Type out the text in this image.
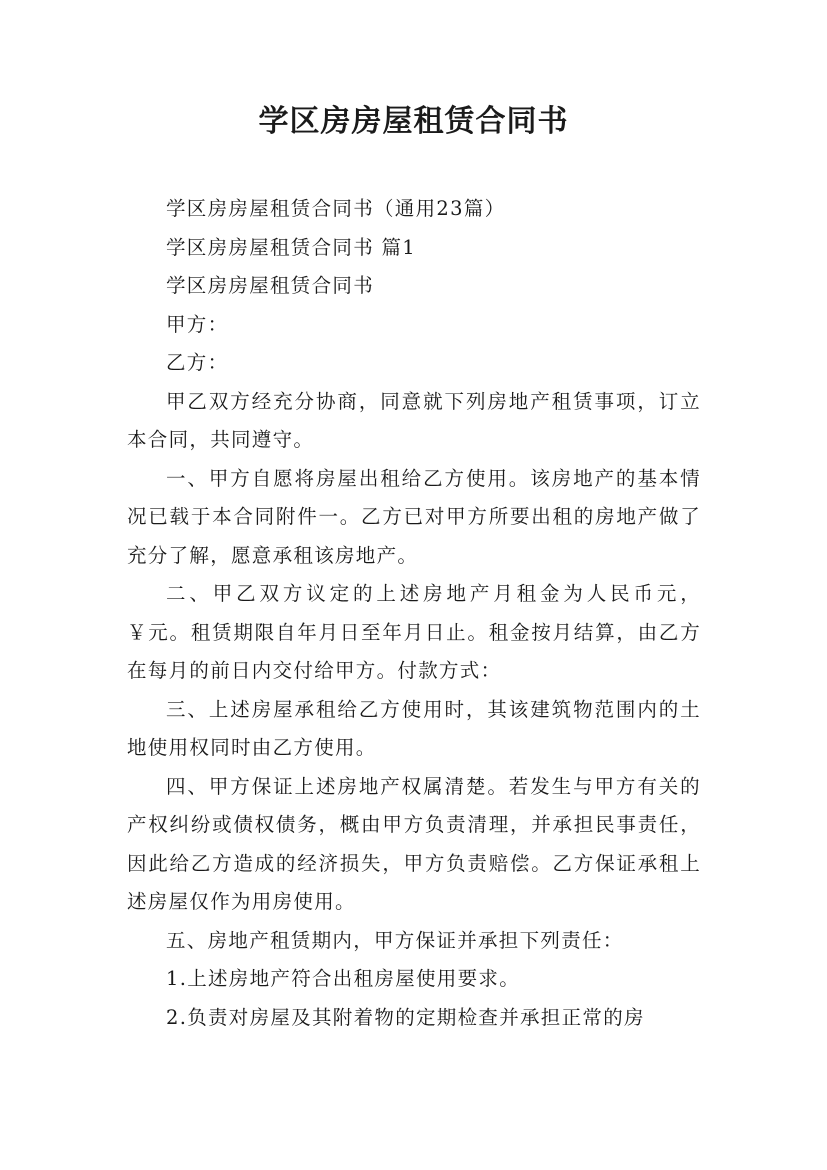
学区房房屋租赁合同书

学区房房屋租赁合同书（通用23篇）

学区房房屋租赁合同书 篇1

学区房房屋租赁合同书

甲方：

乙方：

甲乙双方经充分协商，同意就下列房地产租赁事项，订立本合同，共同遵守。

一、甲方自愿将房屋出租给乙方使用。该房地产的基本情况已载于本合同附件一。乙方已对甲方所要出租的房地产做了充分了解，愿意承租该房地产。

二、甲乙双方议定的上述房地产月租金为人民币元，￥元。租赁期限自年月日至年月日止。租金按月结算，由乙方在每月的前日内交付给甲方。付款方式：

三、上述房屋承租给乙方使用时，其该建筑物范围内的土地使用权同时由乙方使用。

四、甲方保证上述房地产权属清楚。若发生与甲方有关的产权纠纷或债权债务，概由甲方负责清理，并承担民事责任，因此给乙方造成的经济损失，甲方负责赔偿。乙方保证承租上述房屋仅作为用房使用。

五、房地产租赁期内，甲方保证并承担下列责任：

1.上述房地产符合出租房屋使用要求。

2.负责对房屋及其附着物的定期检查并承担正常的房
